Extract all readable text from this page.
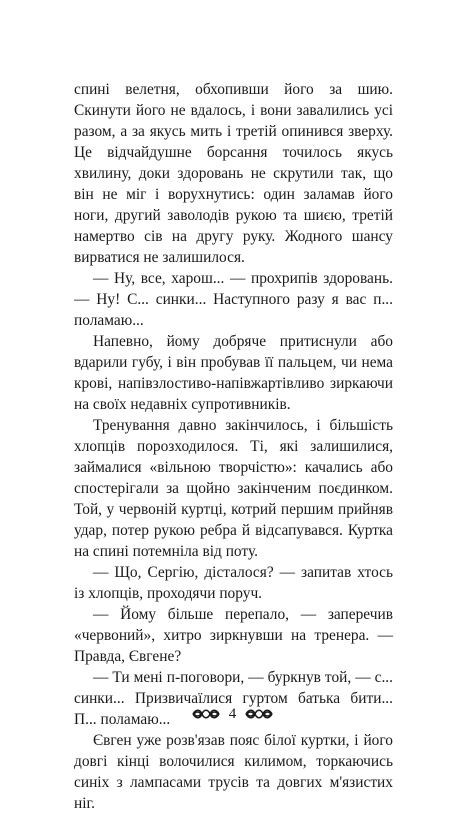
спині велетня, обхопивши його за шию. Скинути його не вдалось, і вони завалились усі разом, а за якусь мить і третій опинився зверху. Це відчайдушне борсання точилось якусь хвилину, доки здоровань не скрутили так, що він не міг і ворухнутись: один заламав його ноги, другий заволодів рукою та шиєю, третій намертво сів на другу руку. Жодного шансу вирватися не залишилося.

— Ну, все, харош... — прохрипів здоровань. — Ну! С... синки... Наступного разу я вас п... поламаю...

Напевно, йому добряче притиснули або вдарили губу, і він пробував її пальцем, чи нема крові, напівзлостиво-напівжартівливо зиркаючи на своїх недавніх супротивників.

Тренування давно закінчилось, і більшість хлопців порозходилося. Ті, які залишилися, займалися «вільною творчістю»: качались або спостерігали за щойно закінченим поєдинком. Той, у червоній куртці, котрий першим прийняв удар, потер рукою ребра й відсапувався. Куртка на спині потемніла від поту.

— Що, Сергію, дісталося? — запитав хтось із хлопців, проходячи поруч.

— Йому більше перепало, — заперечив «червоний», хитро зиркнувши на тренера. — Правда, Євгене?

— Ти мені п-поговори, — буркнув той, — с... синки... Призвичаїлися гуртом батька бити... П... поламаю...

Євген уже розв'язав пояс білої куртки, і його довгі кінці волочилися килимом, торкаючись синіх з лампасами трусів та довгих м'язистих ніг.

4
